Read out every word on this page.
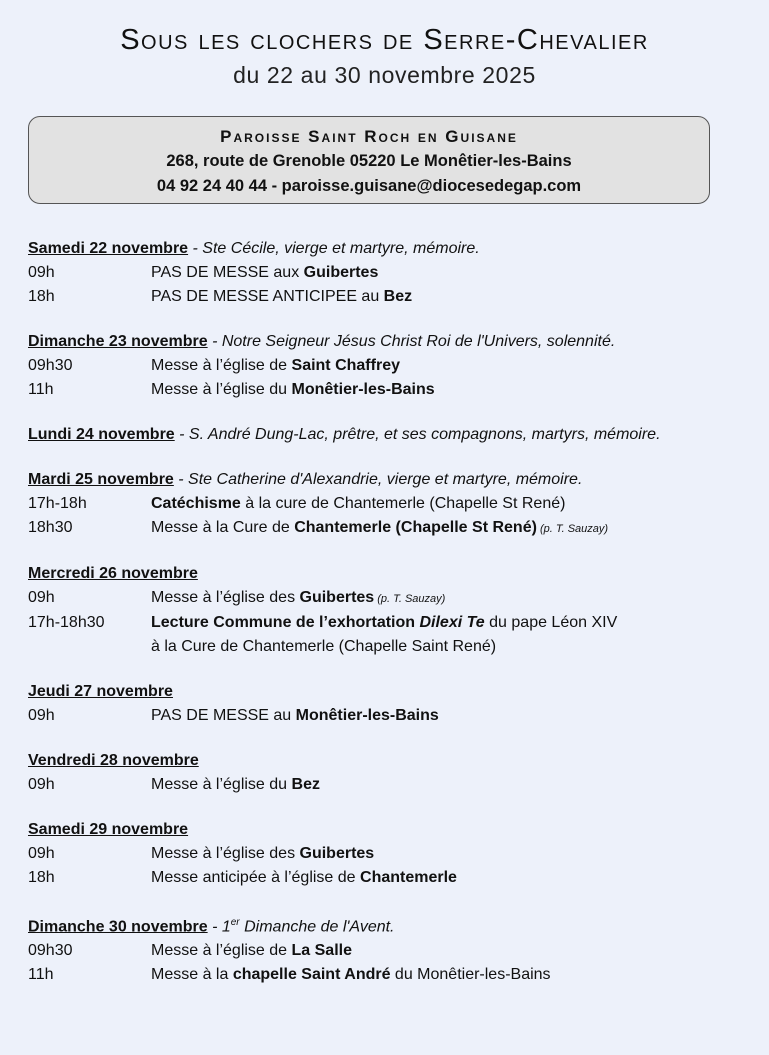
Sous les clochers de Serre-Chevalier
du 22 au 30 novembre 2025
Paroisse Saint Roch en Guisane
268, route de Grenoble 05220 Le Monêtier-les-Bains
04 92 24 40 44 - paroisse.guisane@diocesedegap.com
Samedi 22 novembre - Ste Cécile, vierge et martyre, mémoire.
09h	PAS DE MESSE aux Guibertes
18h	PAS DE MESSE ANTICIPEE au Bez
Dimanche 23 novembre - Notre Seigneur Jésus Christ Roi de l'Univers, solennité.
09h30	Messe à l’église de Saint Chaffrey
11h	Messe à l’église du Monêtier-les-Bains
Lundi 24 novembre - S. André Dung-Lac, prêtre, et ses compagnons, martyrs, mémoire.
Mardi 25 novembre - Ste Catherine d'Alexandrie, vierge et martyre, mémoire.
17h-18h	Catéchisme à la cure de Chantemerle (Chapelle St René)
18h30	Messe à la Cure de Chantemerle (Chapelle St René) (p. T. Sauzay)
Mercredi 26 novembre
09h	Messe à l’église des Guibertes (p. T. Sauzay)
17h-18h30	Lecture Commune de l’exhortation Dilexi Te du pape Léon XIV
à la Cure de Chantemerle (Chapelle Saint René)
Jeudi 27 novembre
09h	PAS DE MESSE au Monêtier-les-Bains
Vendredi 28 novembre
09h	Messe à l’église du Bez
Samedi 29 novembre
09h	Messe à l’église des Guibertes
18h	Messe anticipée à l’église de Chantemerle
Dimanche 30 novembre - 1er Dimanche de l'Avent.
09h30	Messe à l’église de La Salle
11h	Messe à la chapelle Saint André du Monêtier-les-Bains
